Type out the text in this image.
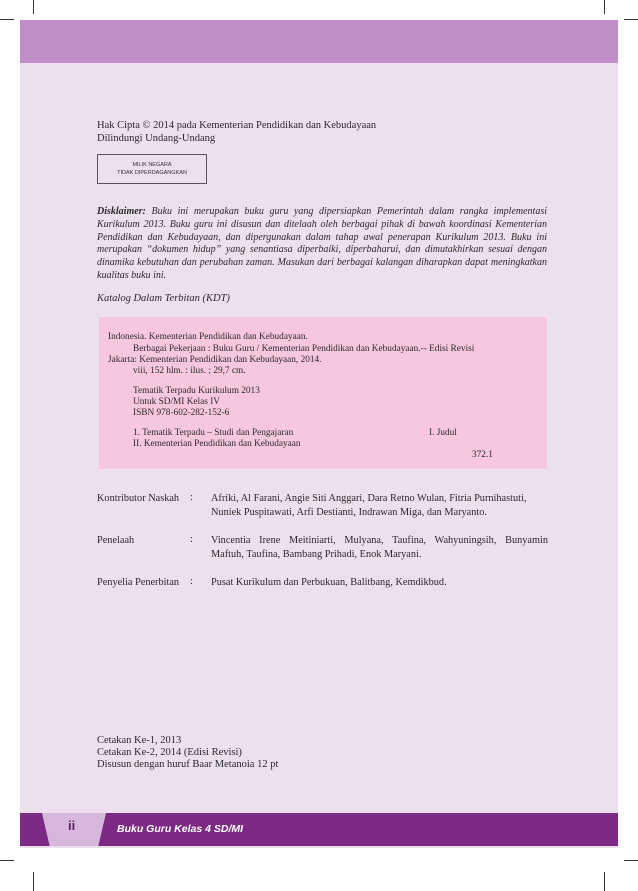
Hak Cipta © 2014 pada Kementerian Pendidikan dan Kebudayaan
Dilindungi Undang-Undang
MILIK NEGARA
TIDAK DIPERDAGANGKAN
Disklaimer: Buku ini merupakan buku guru yang dipersiapkan Pemerintah dalam rangka implementasi Kurikulum 2013. Buku guru ini disusun dan ditelaah oleh berbagai pihak di bawah koordinasi Kementerian Pendidikan dan Kebudayaan, dan dipergunakan dalam tahap awal penerapan Kurikulum 2013. Buku ini merupakan “dokumen hidup” yang senantiasa diperbaiki, diperbaharui, dan dimutakhirkan sesuai dengan dinamika kebutuhan dan perubahan zaman. Masukan dari berbagai kalangan diharapkan dapat meningkatkan kualitas buku ini.
Katalog Dalam Terbitan (KDT)
Indonesia. Kementerian Pendidikan dan Kebudayaan.
Berbagai Pekerjaan : Buku Guru / Kementerian Pendidikan dan Kebudayaan.-- Edisi Revisi
Jakarta: Kementerian Pendidikan dan Kebudayaan, 2014.
viii, 152 hlm. : ilus. ; 29,7 cm.
Tematik Terpadu Kurikulum 2013
Untuk SD/MI Kelas IV
ISBN 978-602-282-152-6
1. Tematik Terpadu – Studi dan Pengajaran	I. Judul
II. Kementerian Pendidikan dan Kebudayaan
372.1
Kontributor Naskah : Afriki, Al Farani, Angie Siti Anggari, Dara Retno Wulan, Fitria Purnihastuti,
Nuniek Puspitawati, Arfi Destianti, Indrawan Miga, dan Maryanto.
Penelaah	: Vincentia Irene Meitiniarti, Mulyana, Taufina, Wahyuningsih, Bunyamin
Maftuh, Taufina, Bambang Prihadi, Enok Maryani.
Penyelia Penerbitan : Pusat Kurikulum dan Perbukuan, Balitbang, Kemdikbud.
Cetakan Ke-1, 2013
Cetakan Ke-2, 2014 (Edisi Revisi)
Disusun dengan huruf Baar Metanoia 12 pt
ii	Buku Guru Kelas 4 SD/MI
